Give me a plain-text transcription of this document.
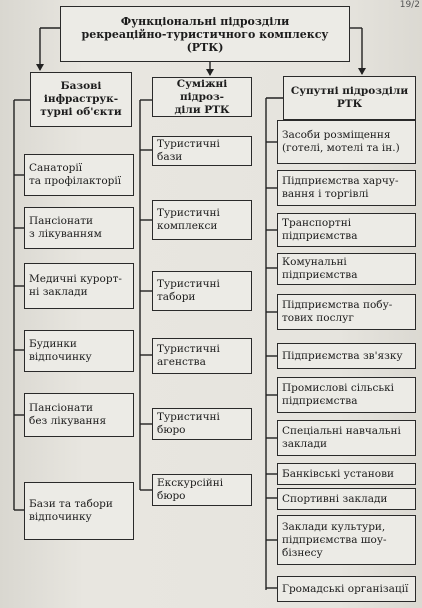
19/2
Функціональні підрозділи
рекреаційно-туристичного комплексу (РТК)
Базові
інфраструк-
турні об'єкти
Суміжні підроз-
діли РТК
Супутні підрозділи
РТК
Санаторії
та профілакторії
Пансіонати
з лікуванням
Медичні курорт-
ні заклади
Будинки
відпочинку
Пансіонати
без лікування
Бази та табори
відпочинку
Туристичні бази
Туристичні
комплекси
Туристичні
табори
Туристичні
агенства
Туристичні бюро
Екскурсійні бюро
Засоби розміщення
(готелі, мотелі та ін.)
Підприємства харчу-
вання і торгівлі
Транспортні
підприємства
Комунальні
підприємства
Підприємства побу-
тових послуг
Підприємства зв'язку
Промислові сільські
підприємства
Спеціальні навчальні
заклади
Банківські установи
Спортивні заклади
Заклади культури,
підприємства шоу-
бізнесу
Громадські організації
